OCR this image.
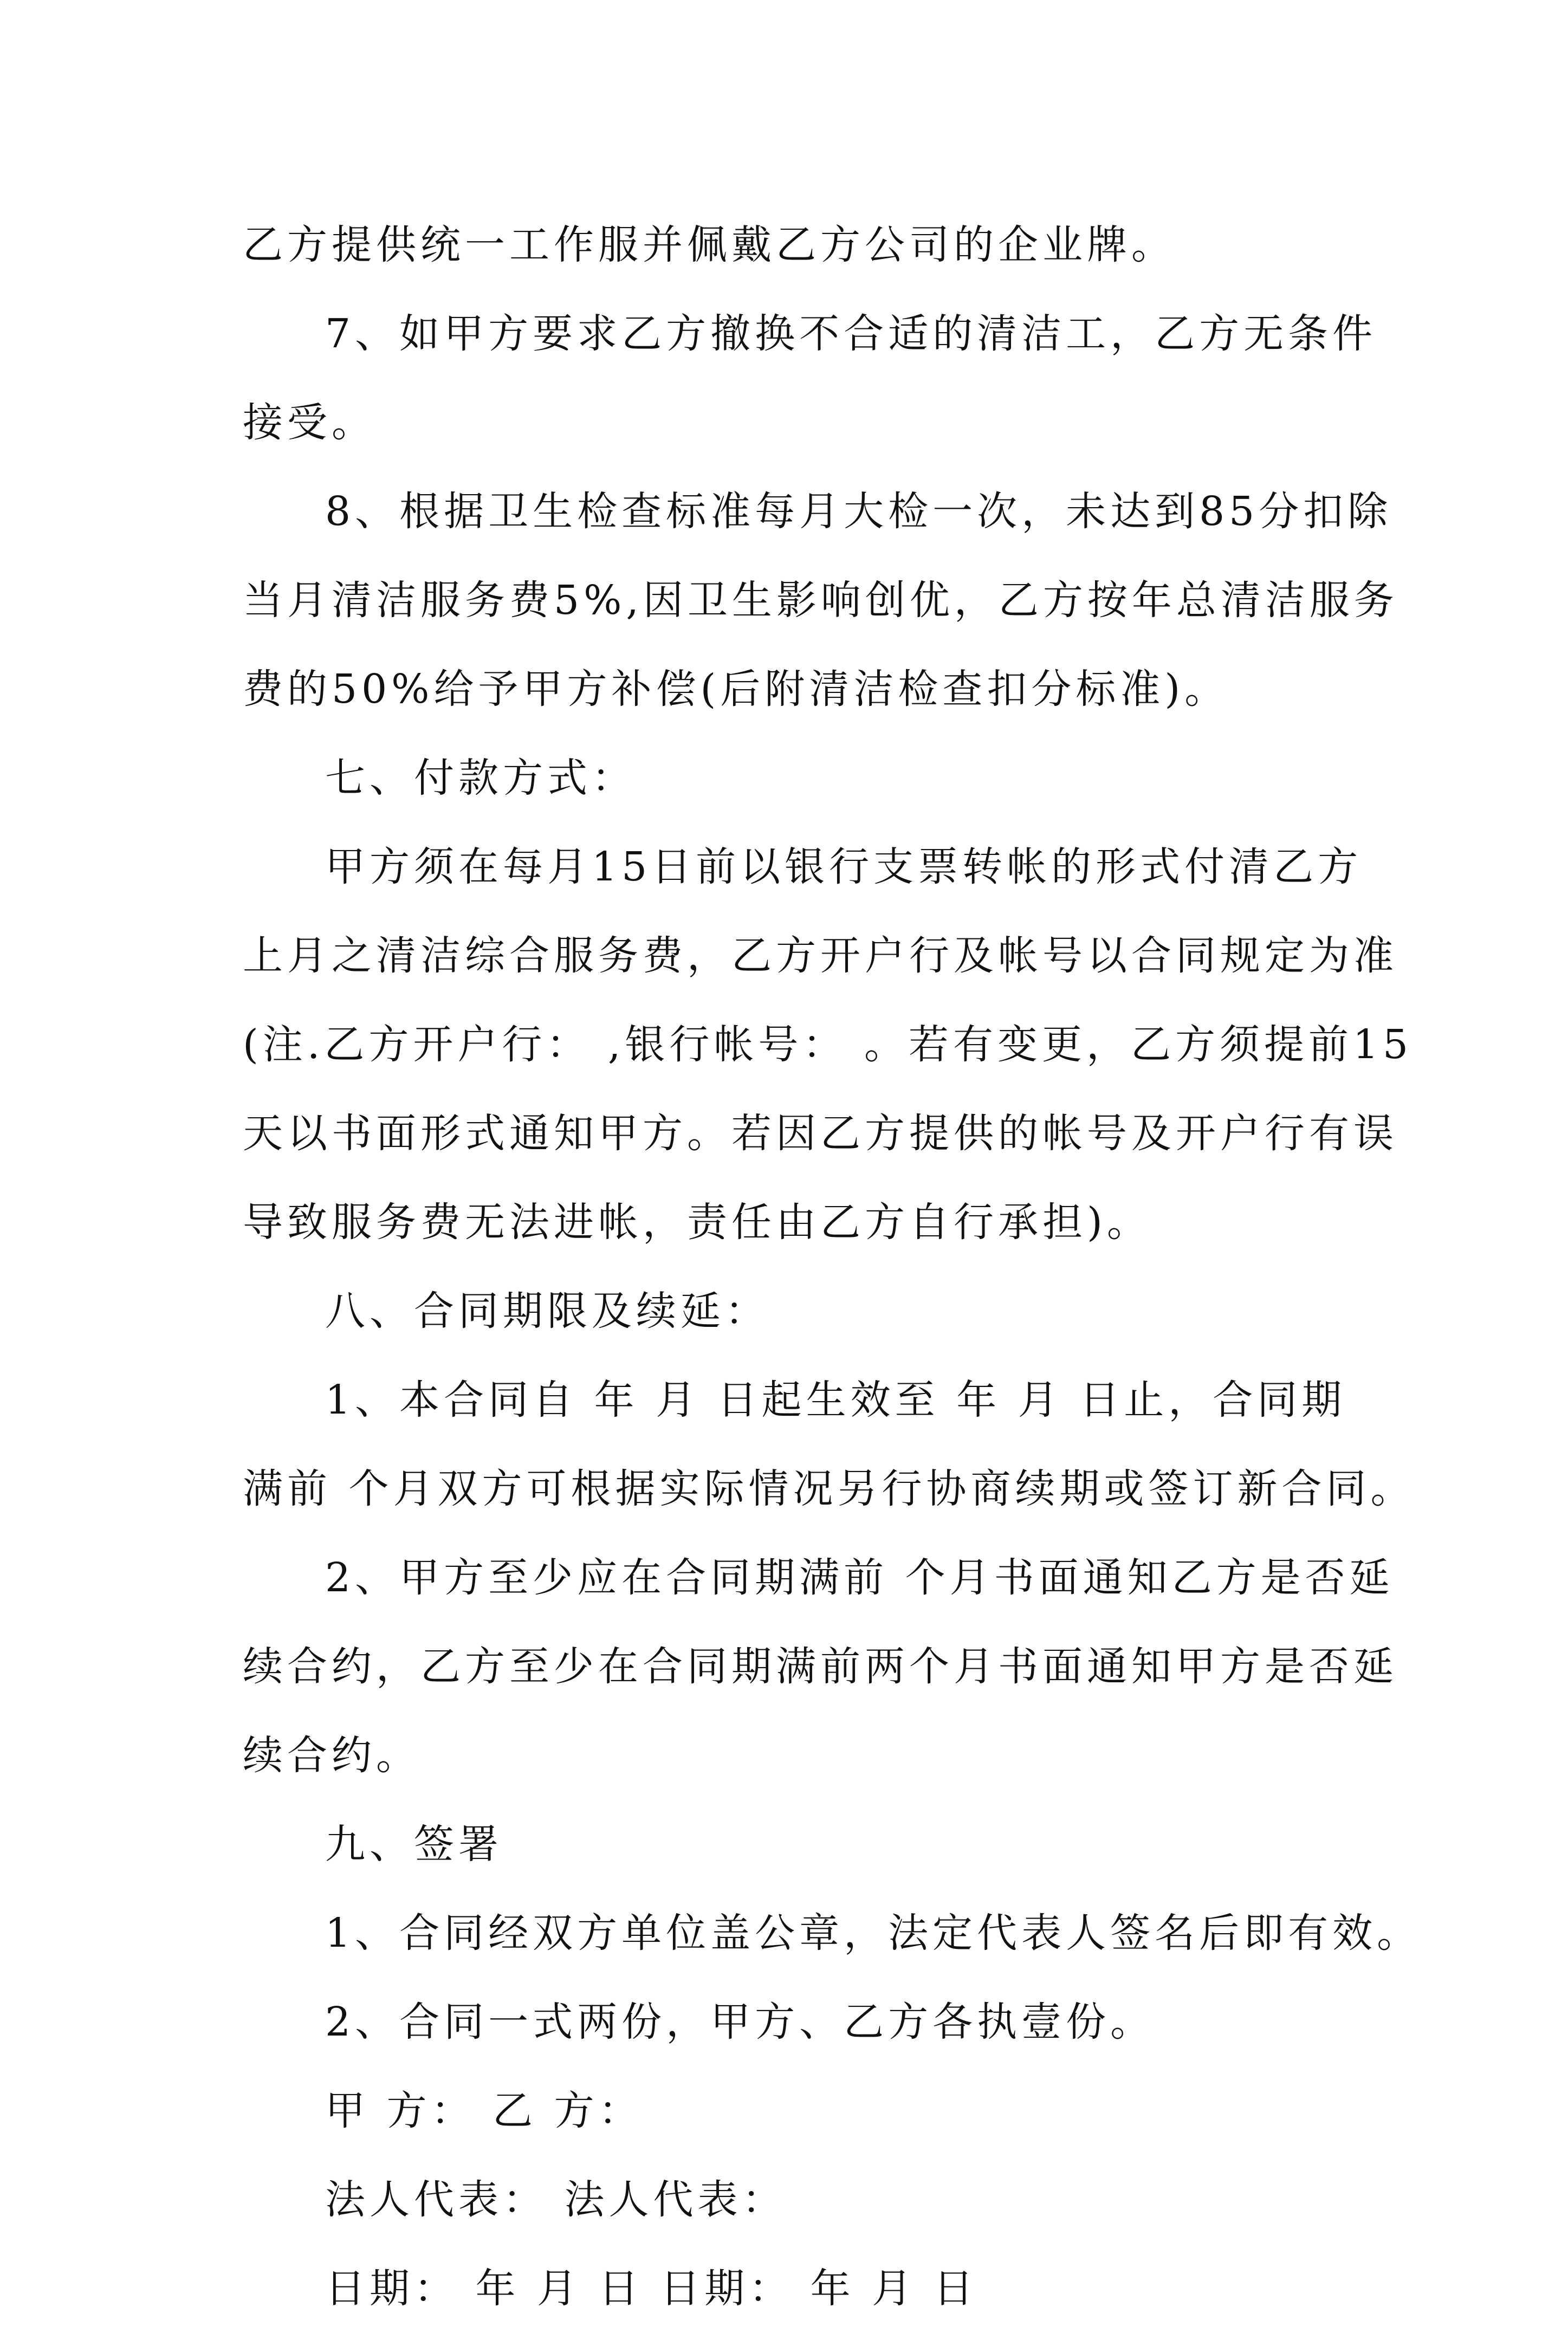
乙方提供统一工作服并佩戴乙方公司的企业牌。
7、如甲方要求乙方撤换不合适的清洁工，乙方无条件
接受。
8、根据卫生检查标准每月大检一次，未达到85分扣除
当月清洁服务费5%,因卫生影响创优，乙方按年总清洁服务
费的50%给予甲方补偿(后附清洁检查扣分标准)。
七、付款方式：
甲方须在每月15日前以银行支票转帐的形式付清乙方
上月之清洁综合服务费，乙方开户行及帐号以合同规定为准
(注.乙方开户行： ,银行帐号： 。若有变更，乙方须提前15
天以书面形式通知甲方。若因乙方提供的帐号及开户行有误
导致服务费无法进帐，责任由乙方自行承担)。
八、合同期限及续延：
1、本合同自 年 月 日起生效至 年 月 日止，合同期
满前 个月双方可根据实际情况另行协商续期或签订新合同。
2、甲方至少应在合同期满前 个月书面通知乙方是否延
续合约，乙方至少在合同期满前两个月书面通知甲方是否延
续合约。
九、签署
1、合同经双方单位盖公章，法定代表人签名后即有效。
2、合同一式两份，甲方、乙方各执壹份。
甲 方： 乙 方：
法人代表： 法人代表：
日期： 年 月 日 日期： 年 月 日
